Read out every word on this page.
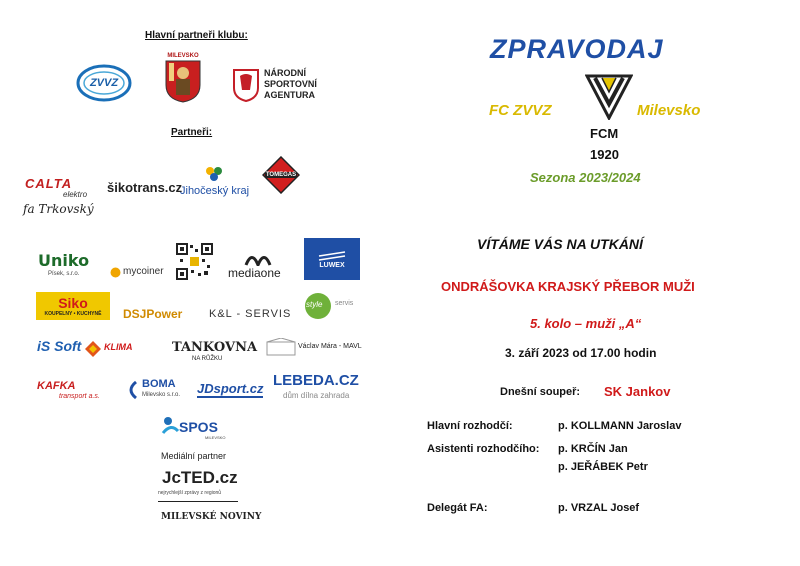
Hlavní partneři klubu:
ZVVZ
MILEVSKO
NÁRODNÍ
SPORTOVNÍ
AGENTURA
Partneři:
CALTA
elektro
fa Trkovský
šikotrans.cz
Jihočeský kraj
TOMEGAS
Uniko
Písek, s.r.o.	mycoiner	mediaone
LUWEX
Siko
KOUPELNY • KUCHYNĚ DSJPower K&L - SERVIS
style servis
iS Soft	KLIMA	TANKOVNA
NA RŮŽKU
Václav Mára - MAVL
KAFKA
transport a.s.
BOMA
Milevsko s.r.o. JDsport.cz LEBEDA.CZ
dům dílna zahrada
SPOS
MILEVSKO
Mediální partner
JcTED.cz
nejrychlejší zprávy z regionů
MILEVSKÉ NOVINY
ZPRAVODAJ
FC ZVVZ	Milevsko
FCM
1920
Sezona 2023/2024
VÍTÁME VÁS NA UTKÁNÍ
ONDRÁŠOVKA KRAJSKÝ PŘEBOR MUŽI
5. kolo – muži „A“
3. září 2023 od 17.00 hodin
Dnešní soupeř: SK Jankov
Hlavní rozhodčí:	p. KOLLMANN Jaroslav
Asistenti rozhodčího: p. KRČÍN Jan
p. JEŘÁBEK Petr
Delegát FA:	p. VRZAL Josef
